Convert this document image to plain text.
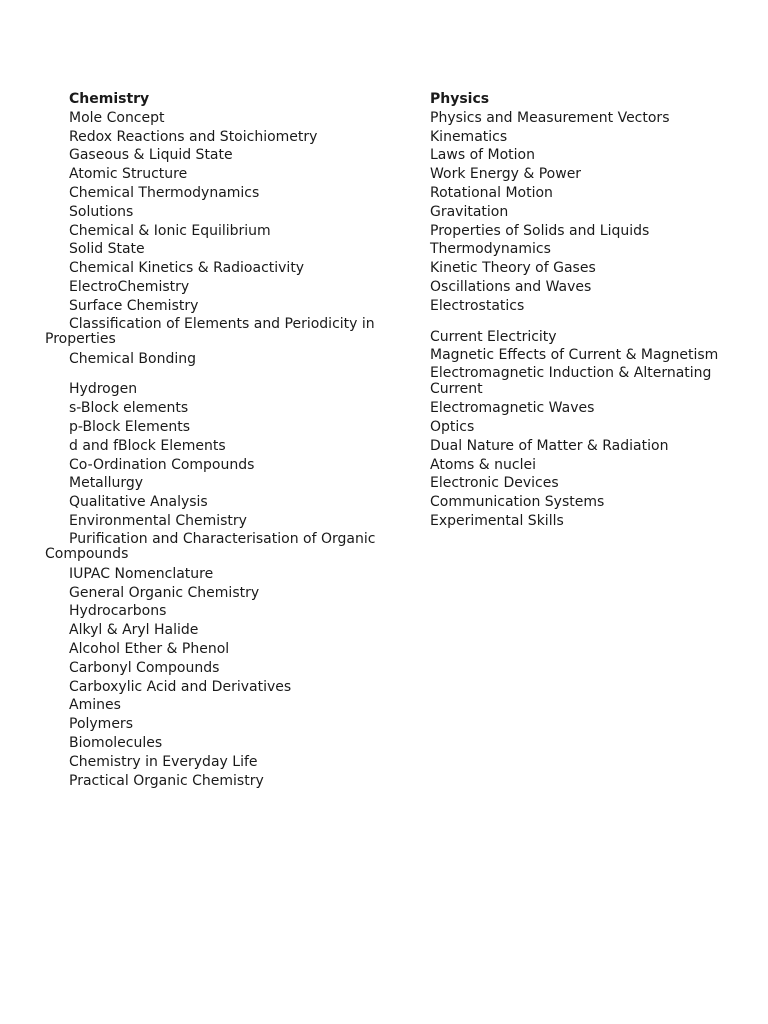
Chemistry
Mole Concept
Redox Reactions and Stoichiometry
Gaseous & Liquid State
Atomic Structure
Chemical Thermodynamics
Solutions
Chemical & Ionic Equilibrium
Solid State
Chemical Kinetics & Radioactivity
ElectroChemistry
Surface Chemistry
Classification of Elements and Periodicity in Properties
Chemical Bonding
Hydrogen
s-Block elements
p-Block Elements
d and fBlock Elements
Co-Ordination Compounds
Metallurgy
Qualitative Analysis
Environmental Chemistry
Purification and Characterisation of Organic Compounds
IUPAC Nomenclature
General Organic Chemistry
Hydrocarbons
Alkyl & Aryl Halide
Alcohol Ether & Phenol
Carbonyl Compounds
Carboxylic Acid and Derivatives
Amines
Polymers
Biomolecules
Chemistry in Everyday Life
Practical Organic Chemistry
Physics
Physics and Measurement Vectors
Kinematics
Laws of Motion
Work Energy & Power
Rotational Motion
Gravitation
Properties of Solids and Liquids
Thermodynamics
Kinetic Theory of Gases
Oscillations and Waves
Electrostatics
Current Electricity
Magnetic Effects of Current & Magnetism
Electromagnetic Induction & Alternating Current
Electromagnetic Waves
Optics
Dual Nature of Matter & Radiation
Atoms & nuclei
Electronic Devices
Communication Systems
Experimental Skills
